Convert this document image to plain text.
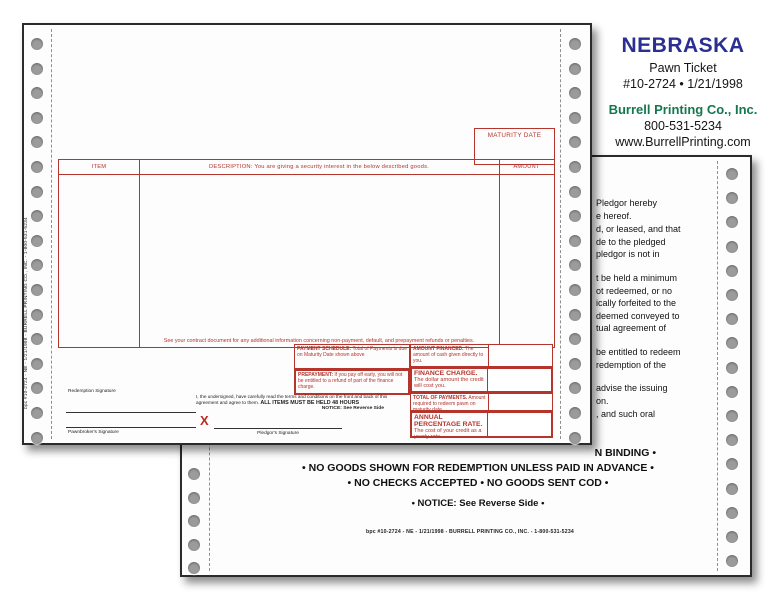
NEBRASKA
Pawn Ticket
#10-2724 • 1/21/1998
Burrell Printing Co., Inc.
800-531-5234
www.BurrellPrinting.com
Pledgor hereby
e hereof.
d, or leased, and that
de to the pledged
pledgor is not in
t be held a minimum
ot redeemed, or no
ically forfeited to the
deemed conveyed to
tual agreement of
be entitled to redeem
redemption of the
advise the issuing
on.
, and such oral
N BINDING •
• NO GOODS SHOWN FOR REDEMPTION UNLESS PAID IN ADVANCE •
• NO CHECKS ACCEPTED • NO GOODS SENT COD •
• NOTICE: See Reverse Side •
bpc #10-2724 - NE - 1/21/1998 - BURRELL PRINTING CO., INC. - 1-800-531-5234
bpc #10-2724 - NE - 1/21/1998 - BURRELL PRINTING CO., INC. - 1-800-531-5234
MATURITY DATE
ITEM	DESCRIPTION: You are giving a security interest in the below described goods.	AMOUNT
See your contract document for any additional information concerning non-payment, default, and prepayment refunds or penalties.
PAYMENT SCHEDULE: Total of Payments is due on Maturity Date shown above
PREPAYMENT: If you pay off early, you will not be entitled to a refund of part of the finance charge.
AMOUNT FINANCED. The amount of cash given directly to you.
FINANCE CHARGE. The dollar amount the credit will cost you.
TOTAL OF PAYMENTS. Amount required to redeem pawn on maturity date.
ANNUAL PERCENTAGE RATE. The cost of your credit as a yearly rate.
Redemption Signature
Pawnbroker's Signature
I, the undersigned, have carefully read the terms and conditions on the front and back of this agreement and agree to them. ALL ITEMS MUST BE HELD 48 HOURS
NOTICE: See Reverse Side
X
Pledgor's Signature
